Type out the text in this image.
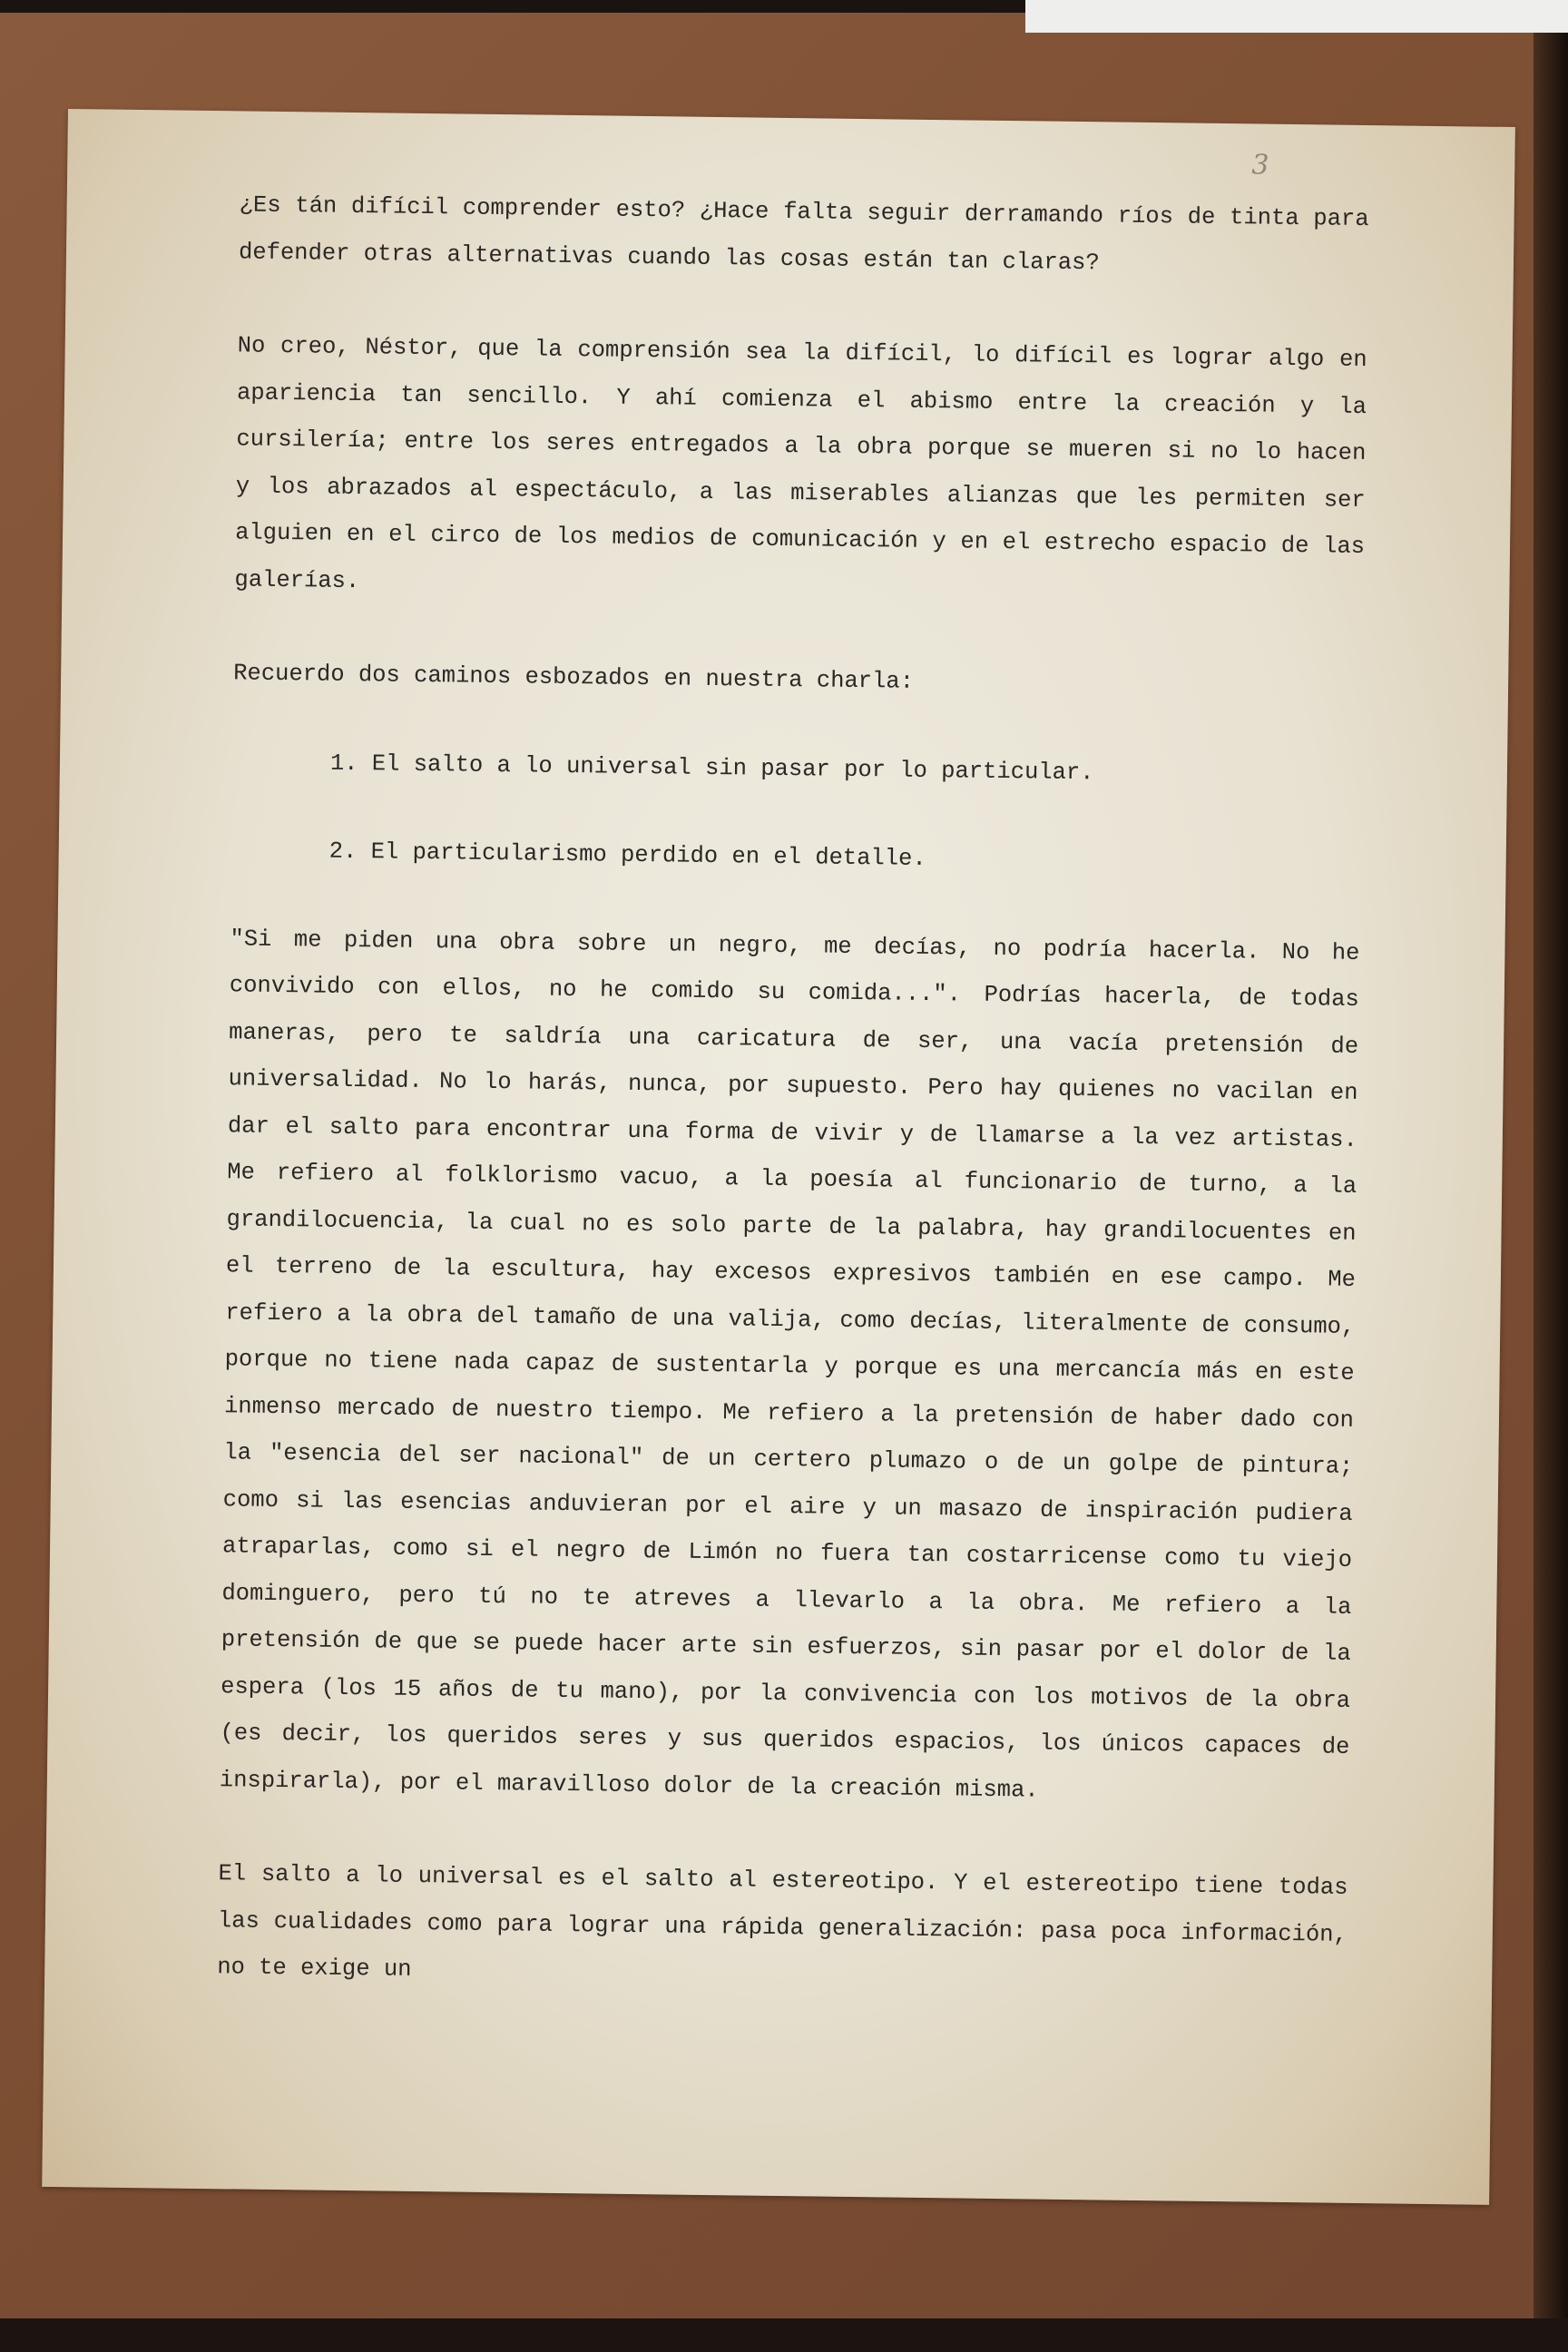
3

¿Es tán difícil comprender esto? ¿Hace falta seguir derramando ríos de tinta para defender otras alternativas cuando las cosas están tan claras?

No creo, Néstor, que la comprensión sea la difícil, lo difícil es lograr algo en apariencia tan sencillo. Y ahí comienza el abismo entre la creación y la cursilería; entre los seres entregados a la obra porque se mueren si no lo hacen y los abrazados al espectáculo, a las miserables alianzas que les permiten ser alguien en el circo de los medios de comunicación y en el estrecho espacio de las galerías.

Recuerdo dos caminos esbozados en nuestra charla:

1. El salto a lo universal sin pasar por lo particular.

2. El particularismo perdido en el detalle.

"Si me piden una obra sobre un negro, me decías, no podría hacerla. No he convivido con ellos, no he comido su comida...". Podrías hacerla, de todas maneras, pero te saldría una caricatura de ser, una vacía pretensión de universalidad. No lo harás, nunca, por supuesto. Pero hay quienes no vacilan en dar el salto para encontrar una forma de vivir y de llamarse a la vez artistas. Me refiero al folklorismo vacuo, a la poesía al funcionario de turno, a la grandilocuencia, la cual no es solo parte de la palabra, hay grandilocuentes en el terreno de la escultura, hay excesos expresivos también en ese campo. Me refiero a la obra del tamaño de una valija, como decías, literalmente de consumo, porque no tiene nada capaz de sustentarla y porque es una mercancía más en este inmenso mercado de nuestro tiempo. Me refiero a la pretensión de haber dado con la "esencia del ser nacional" de un certero plumazo o de un golpe de pintura; como si las esencias anduvieran por el aire y un masazo de inspiración pudiera atraparlas, como si el negro de Limón no fuera tan costarricense como tu viejo dominguero, pero tú no te atreves a llevarlo a la obra. Me refiero a la pretensión de que se puede hacer arte sin esfuerzos, sin pasar por el dolor de la espera (los 15 años de tu mano), por la convivencia con los motivos de la obra (es decir, los queridos seres y sus queridos espacios, los únicos capaces de inspirarla), por el maravilloso dolor de la creación misma.

El salto a lo universal es el salto al estereotipo. Y el estereotipo tiene todas las cualidades como para lograr una rápida generalización: pasa poca información, no te exige un
